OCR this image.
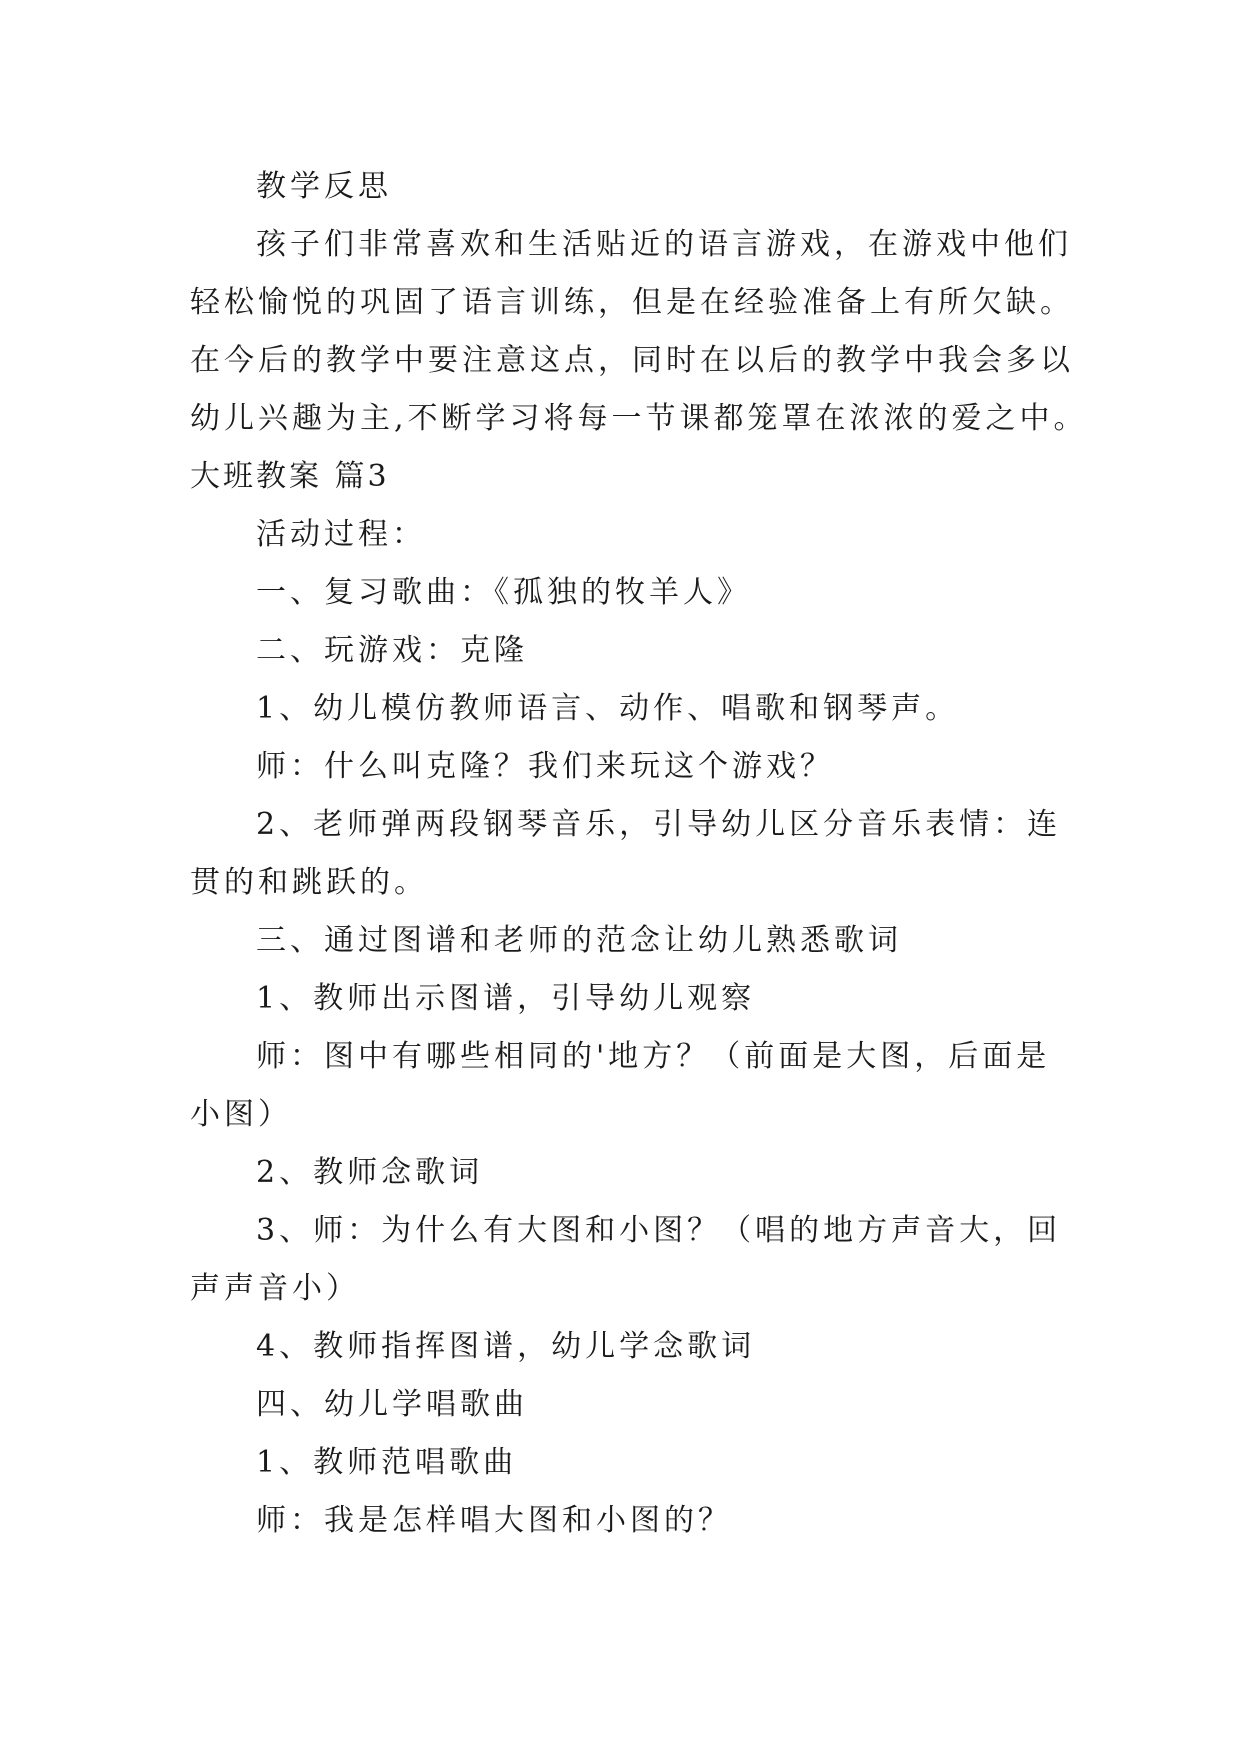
教学反思
孩子们非常喜欢和生活贴近的语言游戏，在游戏中他们
轻松愉悦的巩固了语言训练，但是在经验准备上有所欠缺。
在今后的教学中要注意这点，同时在以后的教学中我会多以
幼儿兴趣为主,不断学习将每一节课都笼罩在浓浓的爱之中。
大班教案 篇3
活动过程：
一、复习歌曲：《孤独的牧羊人》
二、玩游戏：克隆
1、幼儿模仿教师语言、动作、唱歌和钢琴声。
师：什么叫克隆？我们来玩这个游戏？
2、老师弹两段钢琴音乐，引导幼儿区分音乐表情：连
贯的和跳跃的。
三、通过图谱和老师的范念让幼儿熟悉歌词
1、教师出示图谱，引导幼儿观察
师：图中有哪些相同的'地方？（前面是大图，后面是
小图）
2、教师念歌词
3、师：为什么有大图和小图？（唱的地方声音大，回
声声音小）
4、教师指挥图谱，幼儿学念歌词
四、幼儿学唱歌曲
1、教师范唱歌曲
师：我是怎样唱大图和小图的？
